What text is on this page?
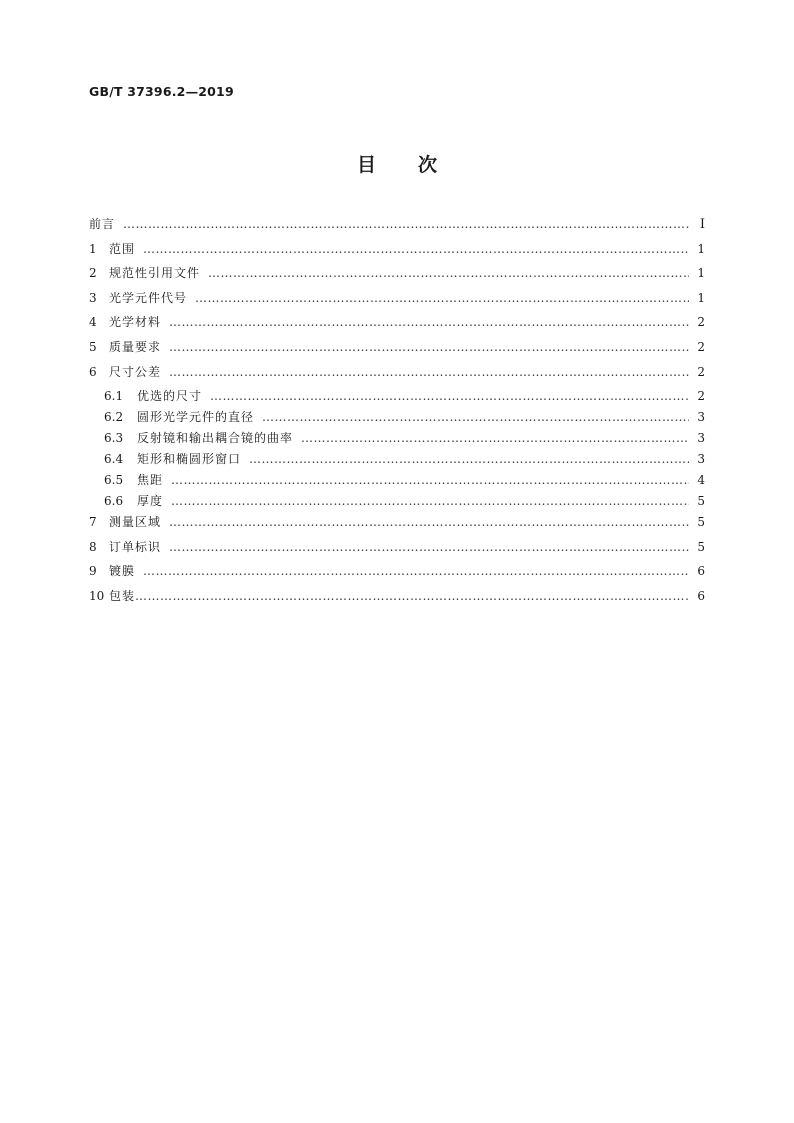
GB/T 37396.2—2019
目次
前言 …………………………………………………………………………………………………………………………………………………………………………………………………………………………	Ⅰ
1	范围 …………………………………………………………………………………………………………………………………………………………………………………………………………………………	1
2	规范性引用文件 …………………………………………………………………………………………………………………………………………………………………………………………………………………………	1
3	光学元件代号 …………………………………………………………………………………………………………………………………………………………………………………………………………………………	1
4	光学材料 …………………………………………………………………………………………………………………………………………………………………………………………………………………………	2
5	质量要求 …………………………………………………………………………………………………………………………………………………………………………………………………………………………	2
6	尺寸公差 …………………………………………………………………………………………………………………………………………………………………………………………………………………………	2
6.1	优选的尺寸 …………………………………………………………………………………………………………………………………………………………………………………………………………………………	2
6.2	圆形光学元件的直径 …………………………………………………………………………………………………………………………………………………………………………………………………………………………	3
6.3	反射镜和输出耦合镜的曲率 …………………………………………………………………………………………………………………………………………………………………………………………………………………………	3
6.4	矩形和椭圆形窗口 …………………………………………………………………………………………………………………………………………………………………………………………………………………………	3
6.5	焦距 …………………………………………………………………………………………………………………………………………………………………………………………………………………………	4
6.6	厚度 …………………………………………………………………………………………………………………………………………………………………………………………………………………………	5
7	测量区域 …………………………………………………………………………………………………………………………………………………………………………………………………………………………	5
8	订单标识 …………………………………………………………………………………………………………………………………………………………………………………………………………………………	5
9	镀膜 …………………………………………………………………………………………………………………………………………………………………………………………………………………………	6
10 包装 …………………………………………………………………………………………………………………………………………………………………………………………………………………………	6
